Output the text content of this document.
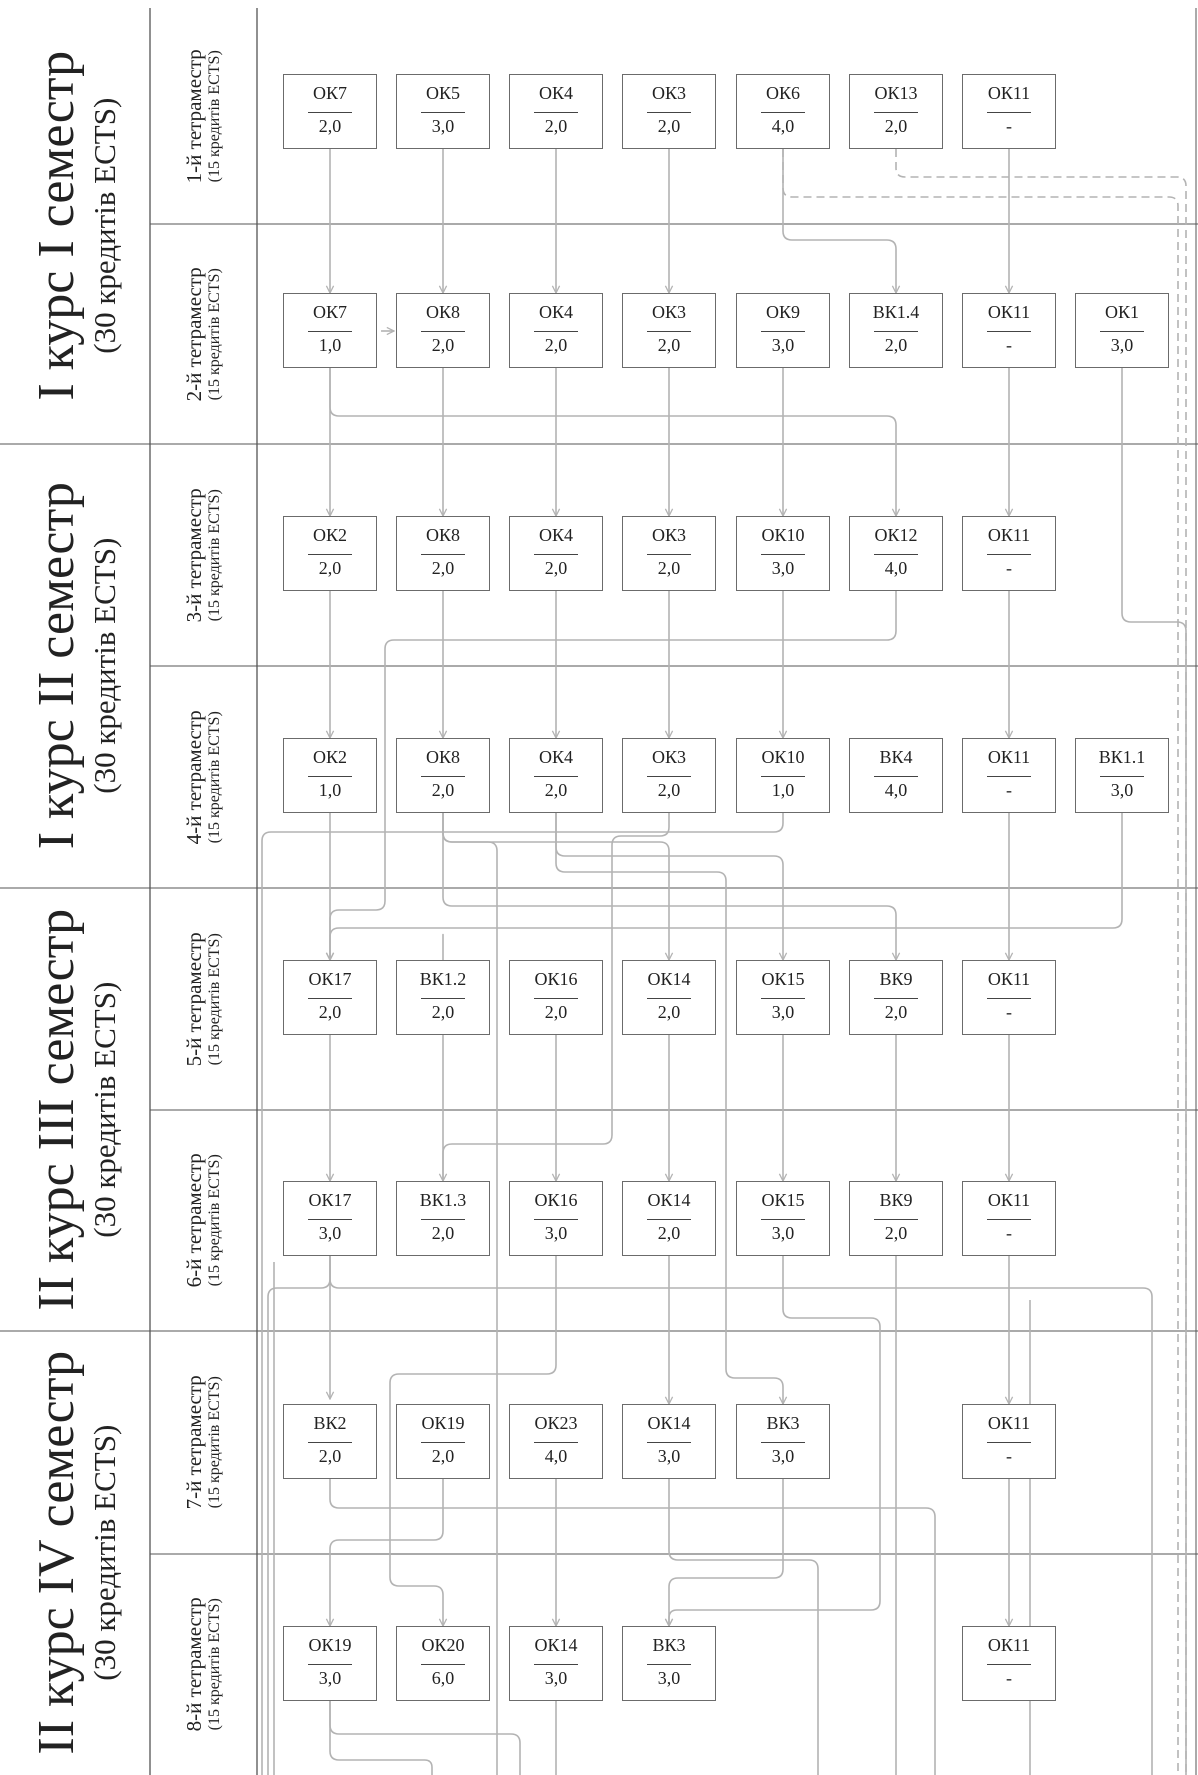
I курс I семестр (30 кредитів ECTS)
I курс II семестр (30 кредитів ECTS)
II курс III семестр (30 кредитів ECTS)
II курс IV семестр (30 кредитів ECTS)
1-й тетраместр (15 кредитів ECTS)
2-й тетраместр (15 кредитів ECTS)
3-й тетраместр (15 кредитів ECTS)
4-й тетраместр (15 кредитів ECTS)
5-й тетраместр (15 кредитів ECTS)
6-й тетраместр (15 кредитів ECTS)
7-й тетраместр (15 кредитів ECTS)
8-й тетраместр (15 кредитів ECTS)
ОК7
2,0
ОК5
3,0
ОК4
2,0
ОК3
2,0
ОК6
4,0
ОК13
2,0
ОК11
-
ОК7
1,0
ОК8
2,0
ОК4
2,0
ОК3
2,0
ОК9
3,0
ВК1.4
2,0
ОК11
-
ОК1
3,0
ОК2
2,0
ОК8
2,0
ОК4
2,0
ОК3
2,0
ОК10
3,0
ОК12
4,0
ОК11
-
ОК2
1,0
ОК8
2,0
ОК4
2,0
ОК3
2,0
ОК10
1,0
ВК4
4,0
ОК11
-
ВК1.1
3,0
ОК17
2,0
ВК1.2
2,0
ОК16
2,0
ОК14
2,0
ОК15
3,0
ВК9
2,0
ОК11
-
ОК17
3,0
ВК1.3
2,0
ОК16
3,0
ОК14
2,0
ОК15
3,0
ВК9
2,0
ОК11
-
ВК2
2,0
ОК19
2,0
ОК23
4,0
ОК14
3,0
ВК3
3,0
ОК11
-
ОК19
3,0
ОК20
6,0
ОК14
3,0
ВК3
3,0
ОК11
-
